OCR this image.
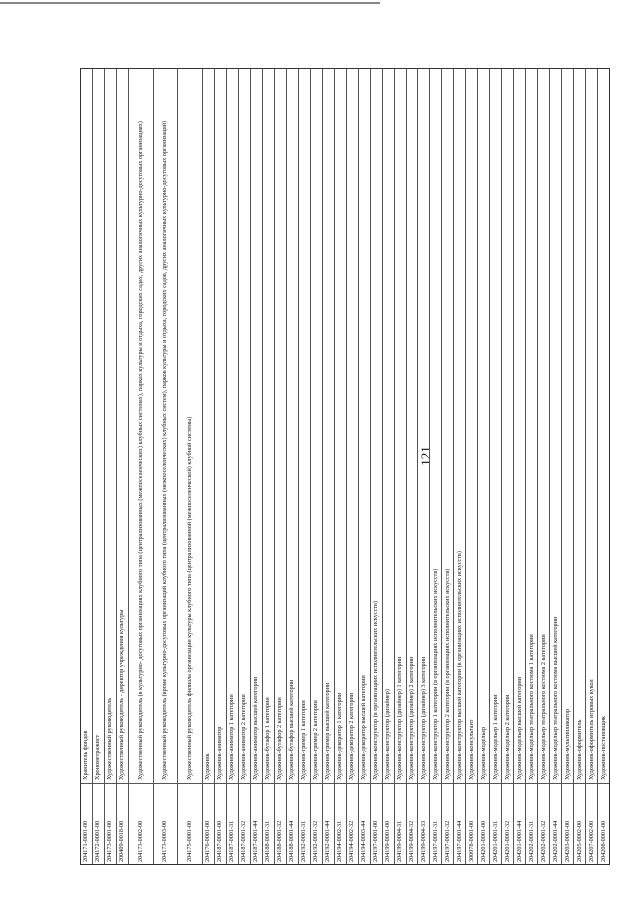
121
204171-0001-00
Хранитель фондов
204172-0001-00
Хронометражист
204173-0001-00
Художественный руководитель
200409-0018-00
Художественный руководитель - директор учреждения культуры
204173-0002-00
Художественный руководитель (в культурно- досуговых организациях клубного типа (централизованных (межпоселенческих) клубных системах), парках культуры и отдыха, городских садах, других аналогичных культурно-досуговых организациях)
204173-0003-00
Художественный руководитель (кроме культурно-досуговых организаций клубного типа (централизованных (межпоселенческих) клубных систем), парков культуры и отдыха, городских садов, других аналогичных культурно-досуговых организаций)
204175-0001-00
Художественный руководитель филиала организации культуры клубного типа (централизованной (межпоселенческой) клубной системы)
204176-0001-00
Художник
204187-0001-00
Художник-аниматор
204187-0001-31
Художник-аниматор 1 категории
204187-0001-32
Художник-аниматор 2 категории
204187-0001-44
Художник-аниматор высшей категории
204188-0001-31
Художник-бутафор 1 категории
204188-0001-32
Художник-бутафор 2 категории
204188-0001-44
Художник-бутафор высшей категории
204192-0001-31
Художник-гример 1 категории
204192-0001-32
Художник-гример 2 категории
204192-0001-44
Художник-гример высшей категории
204194-0002-31
Художник-декоратор 1 категории
204194-0002-32
Художник-декоратор 2 категории
204194-0003-44
Художник-декоратор высшей категории
204197-0001-00
Художник-конструктор (в организациях исполнительских искусств)
204199-0001-00
Художник-конструктор (дизайнер)
204199-0004-31
Художник-конструктор (дизайнер) 1 категории
204199-0004-32
Художник-конструктор (дизайнер) 2 категории
204199-0004-33
Художник-конструктор (дизайнер) 3 категории
204197-0001-31
Художник-конструктор 1 категории (в организациях исполнительских искусств)
204197-0001-32
Художник-конструктор 2 категории (в организациях исполнительских искусств)
204197-0001-44
Художник-конструктор высшей категории (в организациях исполнительских искусств)
300078-0001-00
Художник-консультант
204201-0001-00
Художник-модельер
204201-0001-31
Художник-модельер 1 категории
204201-0001-32
Художник-модельер 2 категории
204201-0001-44
Художник-модельер высшей категории
204202-0001-31
Художник-модельер театрального костюма 1 категории
204202-0001-32
Художник-модельер театрального костюма 2 категории
204202-0001-44
Художник-модельер театрального костюма высшей категории
204203-0001-00
Художник-мультипликатор
204205-0002-00
Художник-оформитель
204207-0002-00
Художник-оформитель игровых кукол
204208-0001-00
Художник-постановщик
